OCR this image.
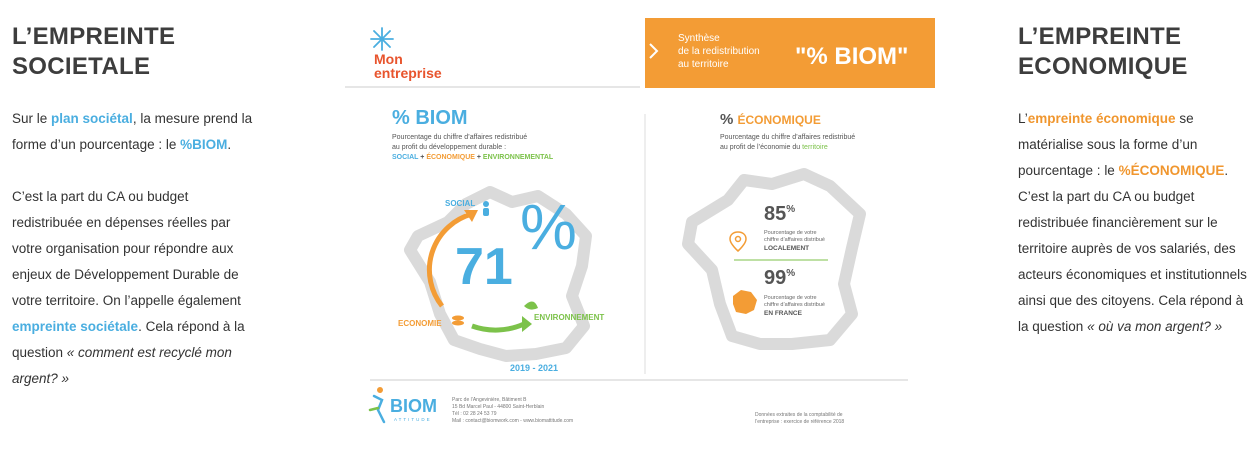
L’EMPREINTE
SOCIETALE

Sur le plan sociétal, la mesure prend la forme d’un pourcentage : le %BIOM.

C’est la part du CA ou budget redistribuée en dépenses réelles par votre organisation pour répondre aux enjeux de Développement Durable de votre territoire. On l’appelle également empreinte sociétale. Cela répond à la question « comment est recyclé mon argent? »

L’EMPREINTE
ECONOMIQUE

L’empreinte économique se matérialise sous la forme d’un pourcentage : le %ÉCONOMIQUE.

C’est la part du CA ou budget redistribuée financièrement sur le territoire auprès de vos salariés, des acteurs économiques et institutionnels ainsi que des citoyens. Cela répond à la question « où va mon argent? »

Mon
entreprise
Synthèse
de la redistribution
au territoire	"% BIOM"
% BIOM
Pourcentage du chiffre d’affaires redistribué
au profit du développement durable :
SOCIAL + ÉCONOMIQUE + ENVIRONNEMENTAL
SOCIAL
ECONOMIE
ENVIRONNEMENT
71
%
2019 - 2021
% ÉCONOMIQUE
Pourcentage du chiffre d’affaires redistribué
au profit de l’économie du territoire
85%
Pourcentage de votre
chiffre d’affaires distribué
LOCALEMENT
99%
Pourcentage de votre
chiffre d’affaires distribué
EN FRANCE
BIOM
ATTITUDE
Parc de l’Angevinière, Bâtiment B
15 Bd Marcel Paul - 44800 Saint-Herblain
Tél : 02 28 24 53 79
Mail : contact@biomwork.com - www.biomattitude.com
Données extraites de la comptabilité de
l’entreprise : exercice de référence 2018
